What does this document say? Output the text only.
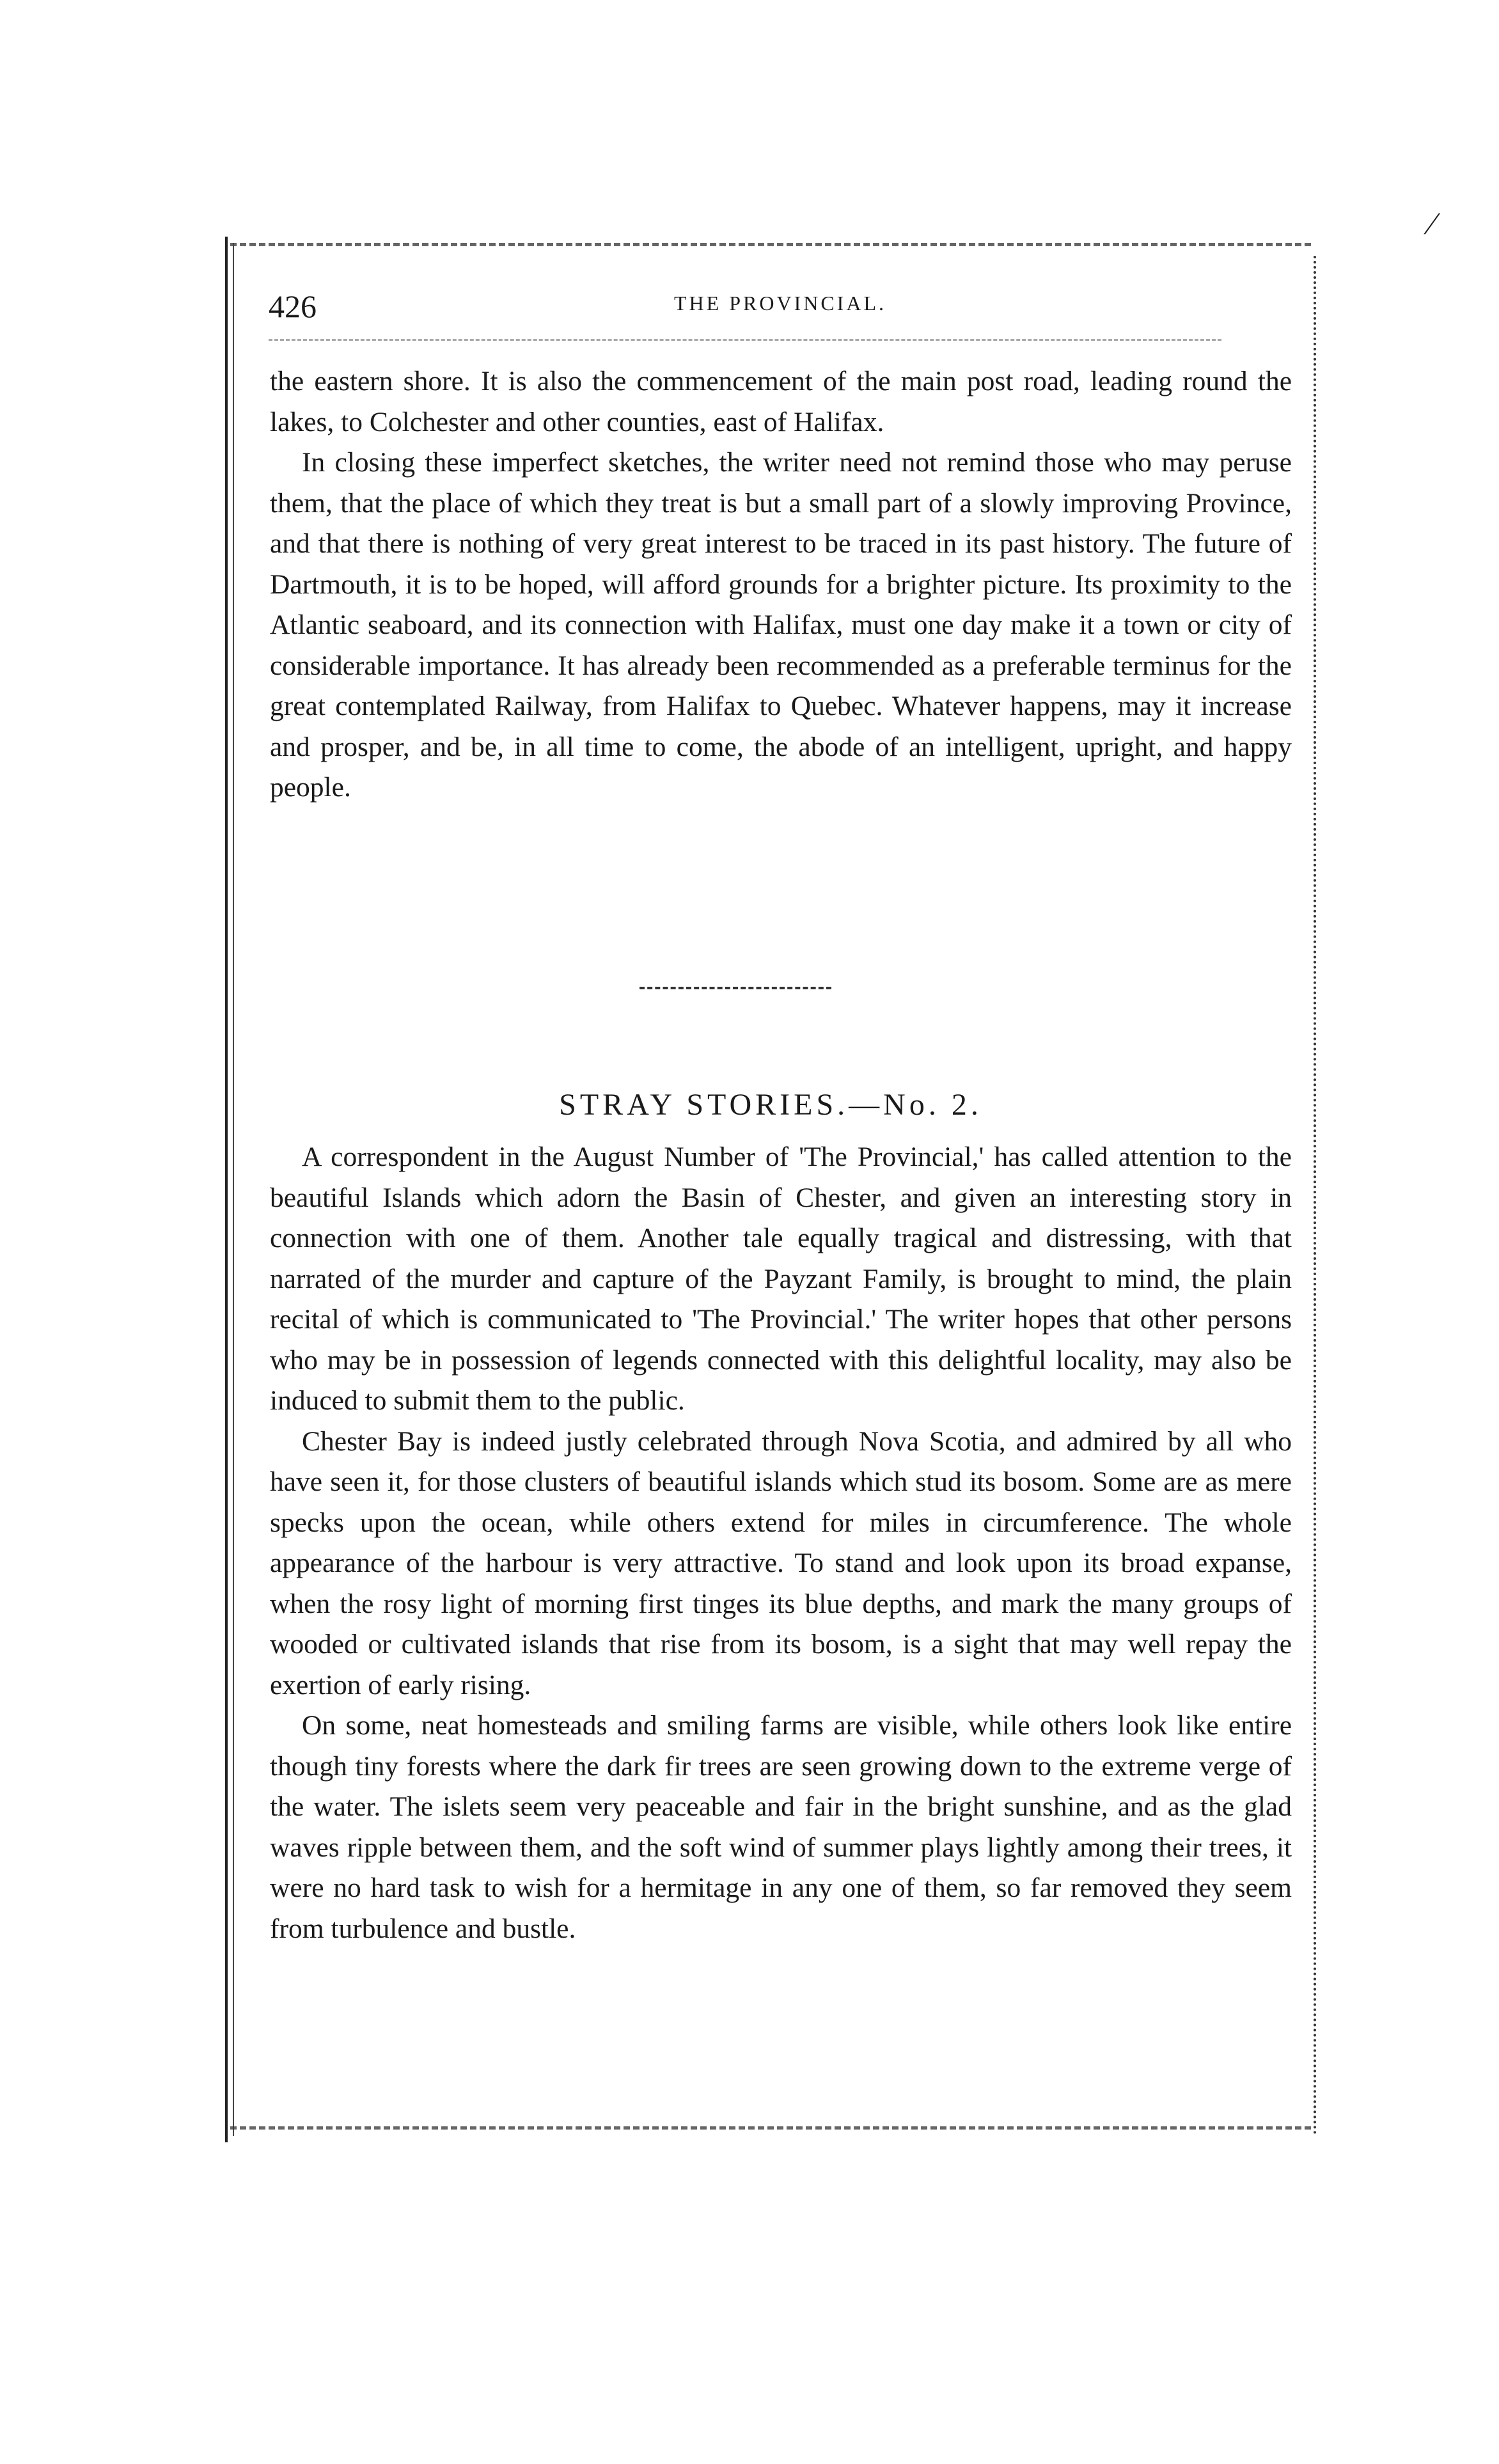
⁄
426	THE PROVINCIAL.

the eastern shore. It is also the commencement of the main post road, leading round the lakes, to Colchester and other counties, east of Halifax.

In closing these imperfect sketches, the writer need not remind those who may peruse them, that the place of which they treat is but a small part of a slowly improving Province, and that there is nothing of very great interest to be traced in its past history. The future of Dartmouth, it is to be hoped, will afford grounds for a brighter picture. Its proximity to the Atlantic seaboard, and its connection with Halifax, must one day make it a town or city of considerable importance. It has already been recommended as a preferable terminus for the great contemplated Railway, from Halifax to Quebec. Whatever happens, may it increase and prosper, and be, in all time to come, the abode of an intelligent, upright, and happy people.

STRAY STORIES.—No. 2.

A correspondent in the August Number of 'The Provincial,' has called attention to the beautiful Islands which adorn the Basin of Chester, and given an interesting story in connection with one of them. Another tale equally tragical and distressing, with that narrated of the murder and capture of the Payzant Family, is brought to mind, the plain recital of which is communicated to 'The Provincial.' The writer hopes that other persons who may be in possession of legends connected with this delightful locality, may also be induced to submit them to the public.

Chester Bay is indeed justly celebrated through Nova Scotia, and admired by all who have seen it, for those clusters of beautiful islands which stud its bosom. Some are as mere specks upon the ocean, while others extend for miles in circumference. The whole appearance of the harbour is very attractive. To stand and look upon its broad expanse, when the rosy light of morning first tinges its blue depths, and mark the many groups of wooded or cultivated islands that rise from its bosom, is a sight that may well repay the exertion of early rising.

On some, neat homesteads and smiling farms are visible, while others look like entire though tiny forests where the dark fir trees are seen growing down to the extreme verge of the water. The islets seem very peaceable and fair in the bright sunshine, and as the glad waves ripple between them, and the soft wind of summer plays lightly among their trees, it were no hard task to wish for a hermitage in any one of them, so far removed they seem from turbulence and bustle.
